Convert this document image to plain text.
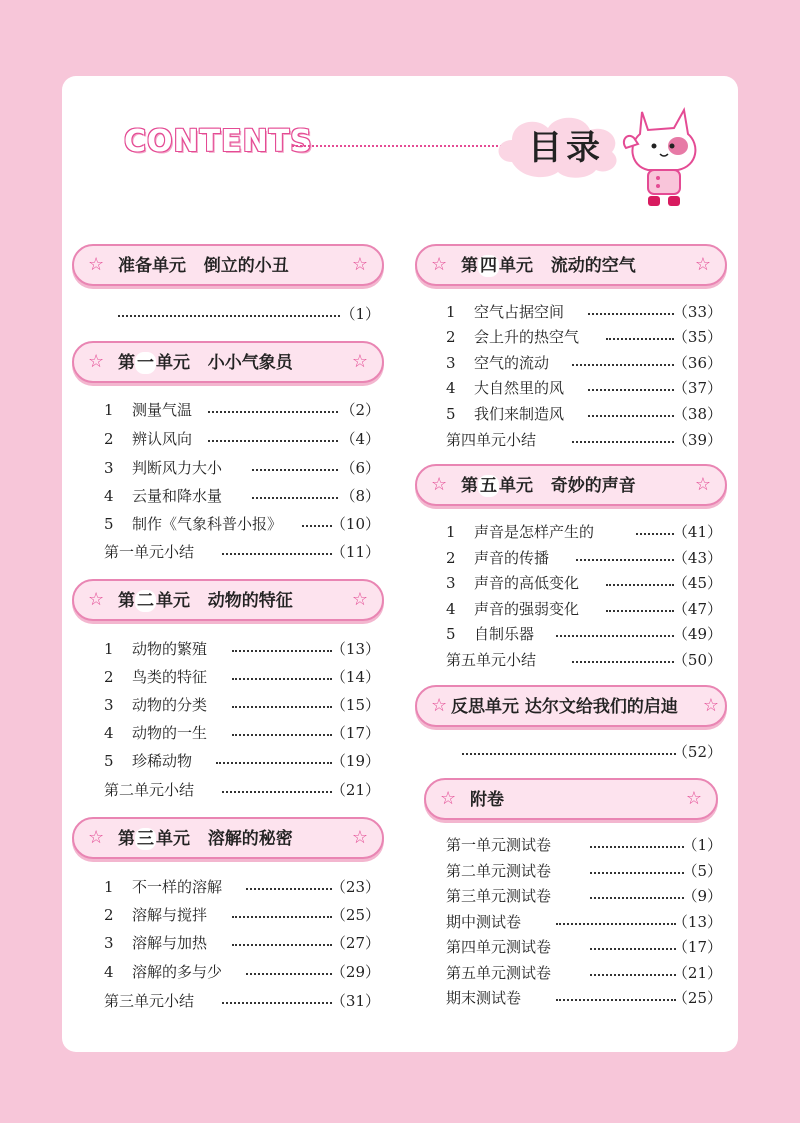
CONTENTS	目录
☆ 准备单元 倒立的小丑	☆
（1）
☆ 第 一 单元 小小气象员	☆
1 测量气温	（2）
2 辨认风向	（4）
3 判断风力大小	（6）
4 云量和降水量	（8）
5 制作《气象科普小报》	（10）
第一单元小结	（11）
☆ 第 二 单元 动物的特征	☆
1 动物的繁殖	（13）
2 鸟类的特征	（14）
3 动物的分类	（15）
4 动物的一生	（17）
5 珍稀动物	（19）
第二单元小结	（21）
☆ 第 三 单元 溶解的秘密	☆
1 不一样的溶解	（23）
2 溶解与搅拌	（25）
3 溶解与加热	（27）
4 溶解的多与少	（29）
第三单元小结	（31）
☆ 第 四 单元 流动的空气	☆
1 空气占据空间	（33）
2 会上升的热空气	（35）
3 空气的流动	（36）
4 大自然里的风	（37）
5 我们来制造风	（38）
第四单元小结	（39）
☆ 第 五 单元 奇妙的声音	☆
1 声音是怎样产生的	（41）
2 声音的传播	（43）
3 声音的高低变化	（45）
4 声音的强弱变化	（47）
5 自制乐器	（49）
第五单元小结	（50）
☆ 反思单元 达尔文给我们的启迪 ☆
（52）
☆ 附卷	☆
第一单元测试卷	（1）
第二单元测试卷	（5）
第三单元测试卷	（9）
期中测试卷	（13）
第四单元测试卷	（17）
第五单元测试卷	（21）
期末测试卷	（25）
